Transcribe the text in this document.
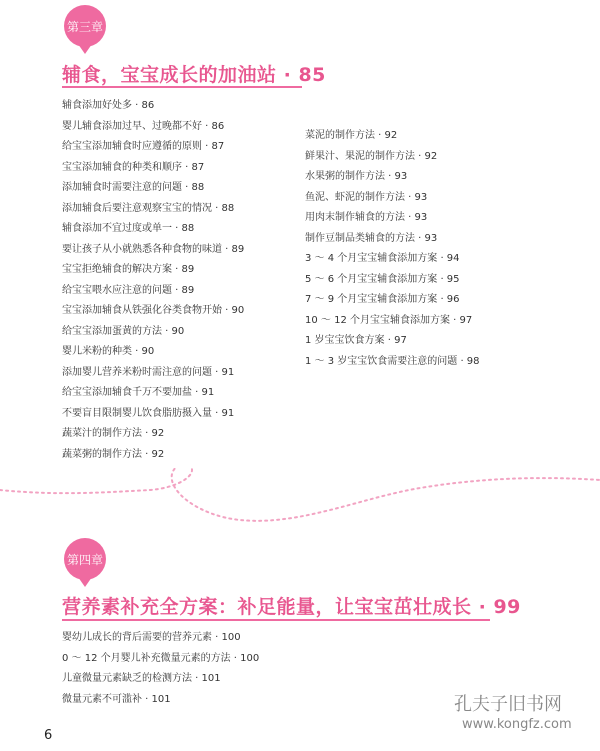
第三章
辅食，宝宝成长的加油站 · 85
辅食添加好处多 · 86
婴儿辅食添加过早、过晚都不好 · 86
给宝宝添加辅食时应遵循的原则 · 87
宝宝添加辅食的种类和顺序 · 87
添加辅食时需要注意的问题 · 88
添加辅食后要注意观察宝宝的情况 · 88
辅食添加不宜过度或单一 · 88
要让孩子从小就熟悉各种食物的味道 · 89
宝宝拒绝辅食的解决方案 · 89
给宝宝喂水应注意的问题 · 89
宝宝添加辅食从铁强化谷类食物开始 · 90
给宝宝添加蛋黄的方法 · 90
婴儿米粉的种类 · 90
添加婴儿营养米粉时需注意的问题 · 91
给宝宝添加辅食千万不要加盐 · 91
不要盲目限制婴儿饮食脂肪摄入量 · 91
蔬菜汁的制作方法 · 92
蔬菜粥的制作方法 · 92
菜泥的制作方法 · 92
鲜果汁、果泥的制作方法 · 92
水果粥的制作方法 · 93
鱼泥、虾泥的制作方法 · 93
用肉末制作辅食的方法 · 93
制作豆制品类辅食的方法 · 93
3 ～ 4 个月宝宝辅食添加方案 · 94
5 ～ 6 个月宝宝辅食添加方案 · 95
7 ～ 9 个月宝宝辅食添加方案 · 96
10 ～ 12 个月宝宝辅食添加方案 · 97
1 岁宝宝饮食方案 · 97
1 ～ 3 岁宝宝饮食需要注意的问题 · 98
第四章
营养素补充全方案：补足能量，让宝宝茁壮成长 · 99
婴幼儿成长的背后需要的营养元素 · 100
0 ～ 12 个月婴儿补充微量元素的方法 · 100
儿童微量元素缺乏的检测方法 · 101
微量元素不可滥补 · 101
6
孔夫子旧书网
www.kongfz.com
